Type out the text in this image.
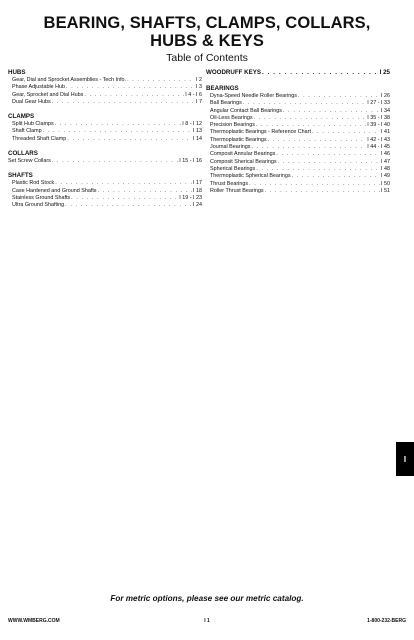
BEARING, SHAFTS, CLAMPS, COLLARS,
HUBS & KEYS
Table of Contents
HUBS
Gear, Dial and Sprocket Assemblies - Tech Info. . . .	I 2
Phase Adjustable Hub . . .	I 3
Gear, Sprocket and Dial Hubs . . .	I 4 - I 6
Dual Gear Hubs . . .	I 7
CLAMPS
Split Hub Clamps . . .	I 8 - I 12
Shaft Clamp . . .	I 13
Threaded Shaft Clamp . . .	I 14
COLLARS
Set Screw Collars . . .	I 15 - I 16
SHAFTS
Plastic Rod Stock . . .	I 17
Case Hardened and Ground Shafts . . .	I 18
Stainless Ground Shafts . . .	I 19 - I 23
Ultra Ground Shafting . . .	I 24
WOODRUFF KEYS . . .	I 25
BEARINGS
Dyna-Speed Needle Roller Bearings . . .	I 26
Ball Bearings . . .	I 27 - I 33
Angular Contact Ball Bearings . . .	I 34
Oil-Less Bearings . . .	I 35 - I 38
Precision Bearings . . .	I 39 - I 40
Thermoplastic Bearings - Reference Chart . . .	I 41
Thermoplastic Bearings . . .	I 42 - I 43
Journal Bearings . . .	I 44 - I 45
Composit Annular Bearings . . .	I 46
Composit Sherical Bearings . . .	I 47
Spherical Bearings . . .	I 48
Thermoplastic Spherical Bearings . . .	I 49
Thrust Bearings . . .	I 50
Roller Thrust Bearings . . .	I 51
I
For metric options, please see our metric catalog.
WWW.WMBERG.COM	I 1	1-800-232-BERG
